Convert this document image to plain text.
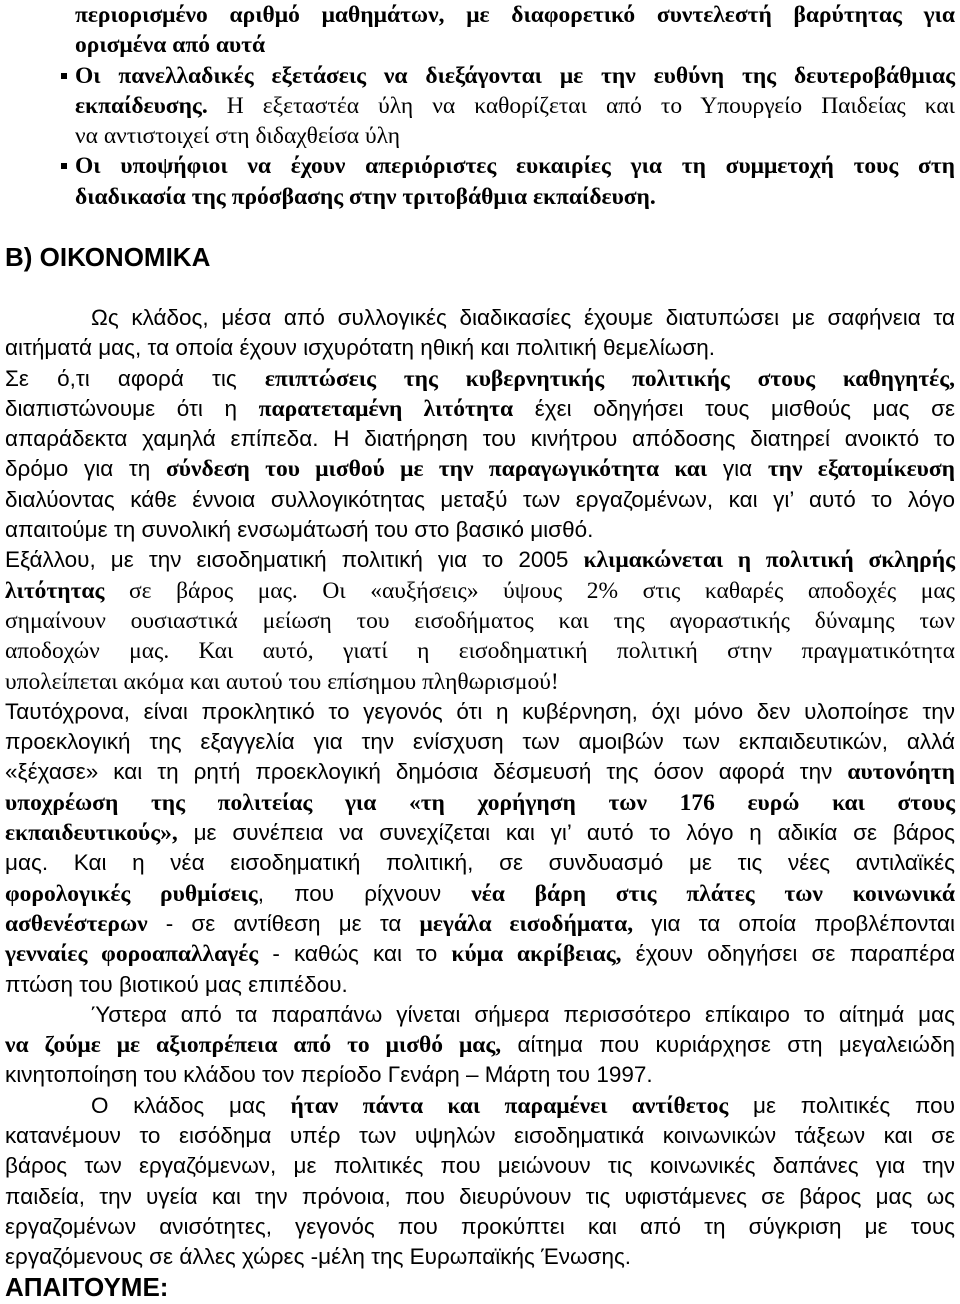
περιορισμένο αριθμό μαθημάτων, με διαφορετικό συντελεστή βαρύτητας για
ορισμένα από αυτά
Οι πανελλαδικές εξετάσεις να διεξάγονται με την ευθύνη της δευτεροβάθμιας
εκπαίδευσης. Η εξεταστέα ύλη να καθορίζεται από το Υπουργείο Παιδείας και
να αντιστοιχεί στη διδαχθείσα ύλη
Οι υποψήφιοι να έχουν απεριόριστες ευκαιρίες για τη συμμετοχή τους στη
διαδικασία της πρόσβασης στην τριτοβάθμια εκπαίδευση.
Β) ΟΙΚΟΝΟΜΙΚΑ
Ως κλάδος, μέσα από συλλογικές διαδικασίες έχουμε διατυπώσει με σαφήνεια τα
αιτήματά μας, τα οποία έχουν ισχυρότατη ηθική και πολιτική θεμελίωση.
Σε ό,τι αφορά τις επιπτώσεις της κυβερνητικής πολιτικής στους καθηγητές,
διαπιστώνουμε ότι η παρατεταμένη λιτότητα έχει οδηγήσει τους μισθούς μας σε
απαράδεκτα χαμηλά επίπεδα. Η διατήρηση του κινήτρου απόδοσης διατηρεί ανοικτό το
δρόμο για τη σύνδεση του μισθού με την παραγωγικότητα και για την εξατομίκευση
διαλύοντας κάθε έννοια συλλογικότητας μεταξύ των εργαζομένων, και γι’ αυτό το λόγο
απαιτούμε τη συνολική ενσωμάτωσή του στο βασικό μισθό.
Εξάλλου, με την εισοδηματική πολιτική για το 2005 κλιμακώνεται η πολιτική σκληρής
λιτότητας σε βάρος μας. Οι «αυξήσεις» ύψους 2% στις καθαρές αποδοχές μας
σημαίνουν ουσιαστικά μείωση του εισοδήματος και της αγοραστικής δύναμης των
αποδοχών μας. Και αυτό, γιατί η εισοδηματική πολιτική στην πραγματικότητα
υπολείπεται ακόμα και αυτού του επίσημου πληθωρισμού!
Ταυτόχρονα, είναι προκλητικό το γεγονός ότι η κυβέρνηση, όχι μόνο δεν υλοποίησε την
προεκλογική της εξαγγελία για την ενίσχυση των αμοιβών των εκπαιδευτικών, αλλά
«ξέχασε» και τη ρητή προεκλογική δημόσια δέσμευσή της όσον αφορά την αυτονόητη
υποχρέωση της πολιτείας για «τη χορήγηση των 176 ευρώ και στους
εκπαιδευτικούς», με συνέπεια να συνεχίζεται και γι’ αυτό το λόγο η αδικία σε βάρος
μας. Και η νέα εισοδηματική πολιτική, σε συνδυασμό με τις νέες αντιλαϊκές
φορολογικές ρυθμίσεις, που ρίχνουν νέα βάρη στις πλάτες των κοινωνικά
ασθενέστερων - σε αντίθεση με τα μεγάλα εισοδήματα, για τα οποία προβλέπονται
γενναίες φοροαπαλλαγές - καθώς και το κύμα ακρίβειας, έχουν οδηγήσει σε παραπέρα
πτώση του βιοτικού μας επιπέδου.
Ύστερα από τα παραπάνω γίνεται σήμερα περισσότερο επίκαιρο το αίτημά μας
να ζούμε με αξιοπρέπεια από το μισθό μας, αίτημα που κυριάρχησε στη μεγαλειώδη
κινητοποίηση του κλάδου τον περίοδο Γενάρη – Μάρτη του 1997.
Ο κλάδος μας ήταν πάντα και παραμένει αντίθετος με πολιτικές που
κατανέμουν το εισόδημα υπέρ των υψηλών εισοδηματικά κοινωνικών τάξεων και σε
βάρος των εργαζόμενων, με πολιτικές που μειώνουν τις κοινωνικές δαπάνες για την
παιδεία, την υγεία και την πρόνοια, που διευρύνουν τις υφιστάμενες σε βάρος μας ως
εργαζομένων ανισότητες, γεγονός που προκύπτει και από τη σύγκριση με τους
εργαζόμενους σε άλλες χώρες -μέλη της Ευρωπαϊκής Ένωσης.
ΑΠΑΙΤΟΥΜΕ:
